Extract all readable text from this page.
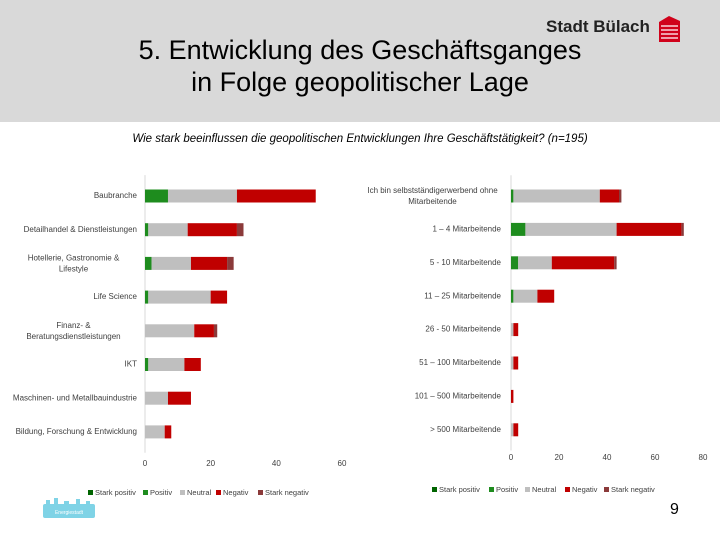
5. Entwicklung des Geschäftsganges
in Folge geopolitischer Lage
Stadt Bülach
Wie stark beeinflussen die geopolitischen Entwicklungen Ihre Geschäftstätigkeit? (n=195)
Baubranche
Detailhandel & Dienstleistungen
Hotellerie, Gastronomie & Lifestyle
Life Science
Finanz- & Beratungsdienstleistungen
IKT
Maschinen- und Metallbauindustrie
Bildung, Forschung & Entwicklung
0	20	40	60
Stark positiv Positiv Neutral Negativ Stark negativ
Ich bin selbstständigerwerbend ohne Mitarbeitende
1 – 4 Mitarbeitende
5 - 10 Mitarbeitende
11 – 25 Mitarbeitende
26 - 50 Mitarbeitende
51 – 100 Mitarbeitende
101 – 500 Mitarbeitende
> 500 Mitarbeitende
0	20	40	60	80
Stark positiv Positiv Neutral Negativ Stark negativ
Energiestadt	9
